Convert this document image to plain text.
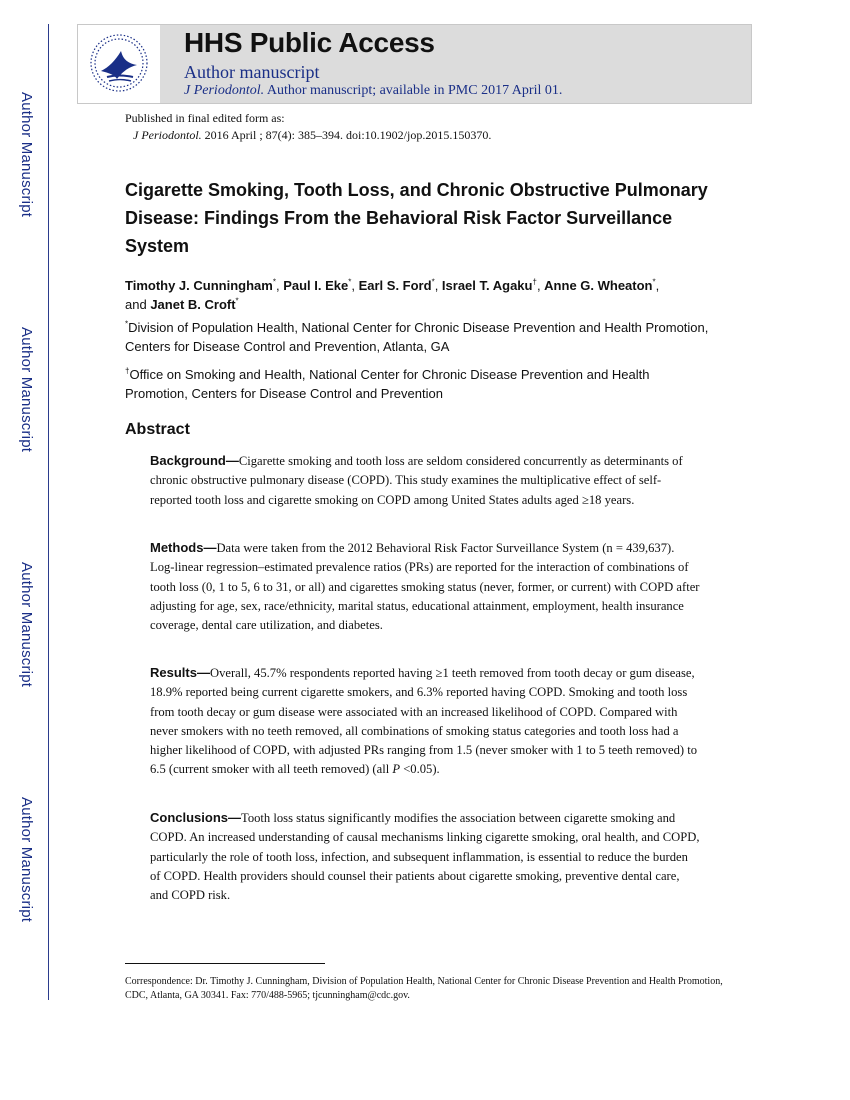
Author Manuscript
Author Manuscript
Author Manuscript
Author Manuscript
HHS Public Access
Author manuscript
J Periodontol. Author manuscript; available in PMC 2017 April 01.
Published in final edited form as:
J Periodontol. 2016 April ; 87(4): 385–394. doi:10.1902/jop.2015.150370.
Cigarette Smoking, Tooth Loss, and Chronic Obstructive Pulmonary Disease: Findings From the Behavioral Risk Factor Surveillance System
Timothy J. Cunningham*, Paul I. Eke*, Earl S. Ford*, Israel T. Agaku†, Anne G. Wheaton*,
and Janet B. Croft*
*Division of Population Health, National Center for Chronic Disease Prevention and Health Promotion, Centers for Disease Control and Prevention, Atlanta, GA
†Office on Smoking and Health, National Center for Chronic Disease Prevention and Health Promotion, Centers for Disease Control and Prevention
Abstract
Background—Cigarette smoking and tooth loss are seldom considered concurrently as determinants of chronic obstructive pulmonary disease (COPD). This study examines the multiplicative effect of self-reported tooth loss and cigarette smoking on COPD among United States adults aged ≥18 years.
Methods—Data were taken from the 2012 Behavioral Risk Factor Surveillance System (n = 439,637). Log-linear regression–estimated prevalence ratios (PRs) are reported for the interaction of combinations of tooth loss (0, 1 to 5, 6 to 31, or all) and cigarettes smoking status (never, former, or current) with COPD after adjusting for age, sex, race/ethnicity, marital status, educational attainment, employment, health insurance coverage, dental care utilization, and diabetes.
Results—Overall, 45.7% respondents reported having ≥1 teeth removed from tooth decay or gum disease, 18.9% reported being current cigarette smokers, and 6.3% reported having COPD. Smoking and tooth loss from tooth decay or gum disease were associated with an increased likelihood of COPD. Compared with never smokers with no teeth removed, all combinations of smoking status categories and tooth loss had a higher likelihood of COPD, with adjusted PRs ranging from 1.5 (never smoker with 1 to 5 teeth removed) to 6.5 (current smoker with all teeth removed) (all P <0.05).
Conclusions—Tooth loss status significantly modifies the association between cigarette smoking and COPD. An increased understanding of causal mechanisms linking cigarette smoking, oral health, and COPD, particularly the role of tooth loss, infection, and subsequent inflammation, is essential to reduce the burden of COPD. Health providers should counsel their patients about cigarette smoking, preventive dental care, and COPD risk.
Correspondence: Dr. Timothy J. Cunningham, Division of Population Health, National Center for Chronic Disease Prevention and Health Promotion, CDC, Atlanta, GA 30341. Fax: 770/488-5965; tjcunningham@cdc.gov.
